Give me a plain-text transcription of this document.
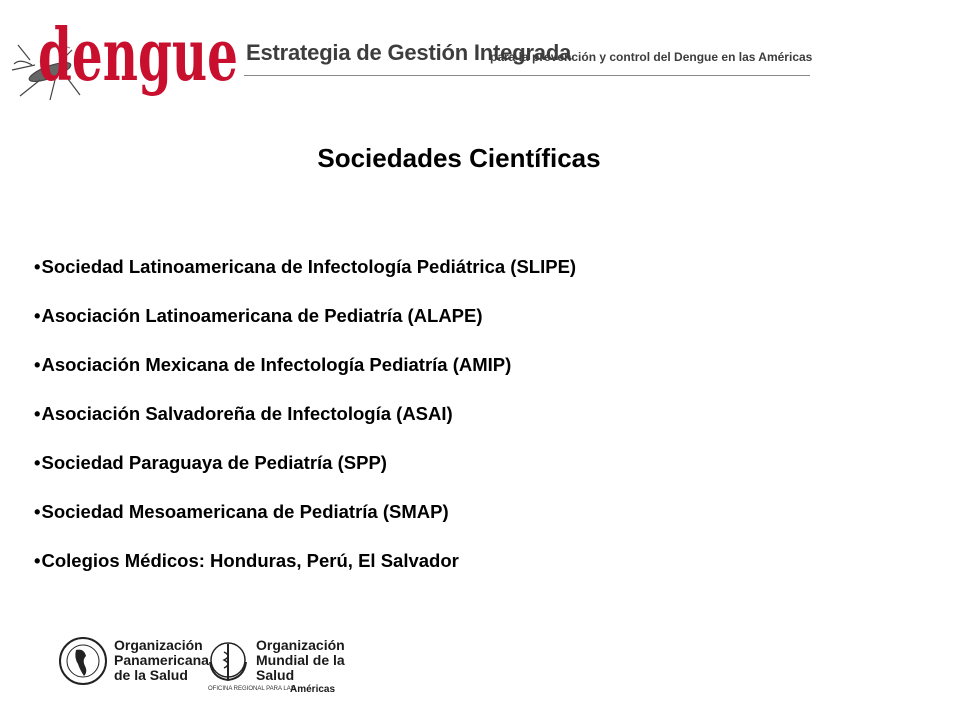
dengue Estrategia de Gestión Integrada
para la prevención y control del Dengue en las Américas
Sociedades Científicas
•Sociedad Latinoamericana de Infectología Pediátrica (SLIPE)
•Asociación Latinoamericana de Pediatría (ALAPE)
•Asociación Mexicana de Infectología Pediatría (AMIP)
•Asociación Salvadoreña de Infectología (ASAI)
•Sociedad Paraguaya de Pediatría (SPP)
•Sociedad Mesoamericana de Pediatría (SMAP)
•Colegios Médicos: Honduras, Perú, El Salvador
Organización
Panamericana
de la Salud
Organización
Mundial de la Salud
OFICINA REGIONAL PARA LAS
Américas
